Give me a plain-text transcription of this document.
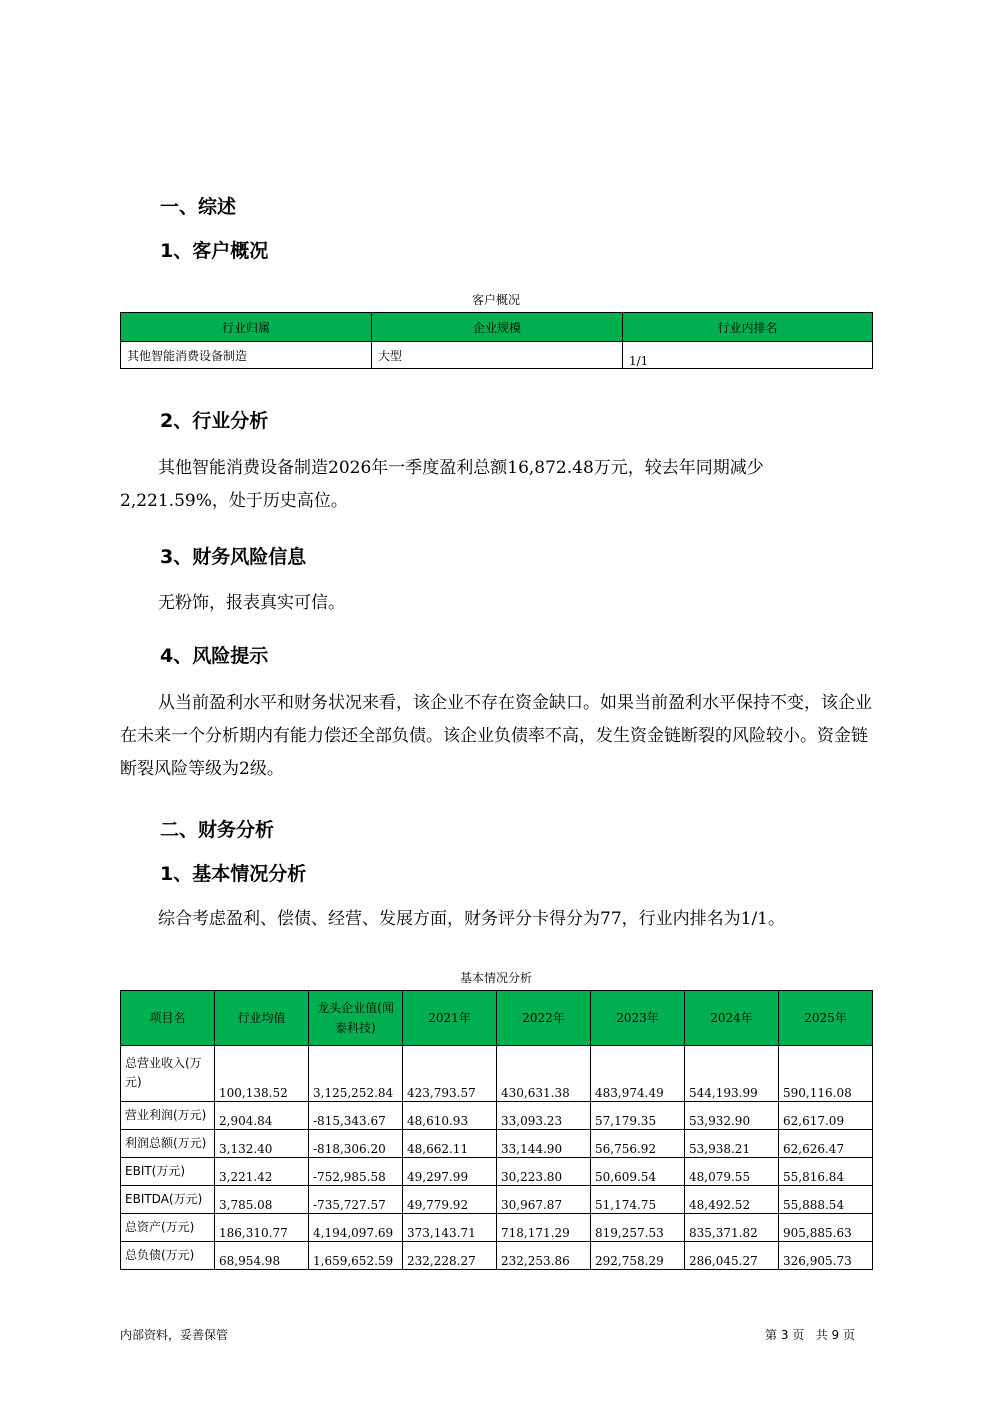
一、综述
1、客户概况
客户概况
行业归属	企业规模	行业内排名
其他智能消费设备制造	大型	1/1
2、行业分析
其他智能消费设备制造2026年一季度盈利总额16,872.48万元，较去年同期减少2,221.59%，处于历史高位。
3、财务风险信息
无粉饰，报表真实可信。
4、风险提示
从当前盈利水平和财务状况来看，该企业不存在资金缺口。如果当前盈利水平保持不变，该企业在未来一个分析期内有能力偿还全部负债。该企业负债率不高，发生资金链断裂的风险较小。资金链断裂风险等级为2级。
二、财务分析
1、基本情况分析
综合考虑盈利、偿债、经营、发展方面，财务评分卡得分为77，行业内排名为1/1。
基本情况分析
项目名	行业均值	龙头企业值(闻泰科技)	2021年	2022年	2023年	2024年	2025年
总营业收入(万元)	100,138.52	3,125,252.84	423,793.57	430,631.38	483,974.49	544,193.99	590,116.08
营业利润(万元)	2,904.84	-815,343.67	48,610.93	33,093.23	57,179.35	53,932.90	62,617.09
利润总额(万元)	3,132.40	-818,306.20	48,662.11	33,144.90	56,756.92	53,938.21	62,626.47
EBIT(万元)	3,221.42	-752,985.58	49,297.99	30,223.80	50,609.54	48,079.55	55,816.84
EBITDA(万元)	3,785.08	-735,727.57	49,779.92	30,967.87	51,174.75	48,492.52	55,888.54
总资产(万元)	186,310.77	4,194,097.69	373,143.71	718,171.29	819,257.53	835,371.82	905,885.63
总负债(万元)	68,954.98	1,659,652.59	232,228.27	232,253.86	292,758.29	286,045.27	326,905.73
内部资料，妥善保管	第 3 页   共 9 页
